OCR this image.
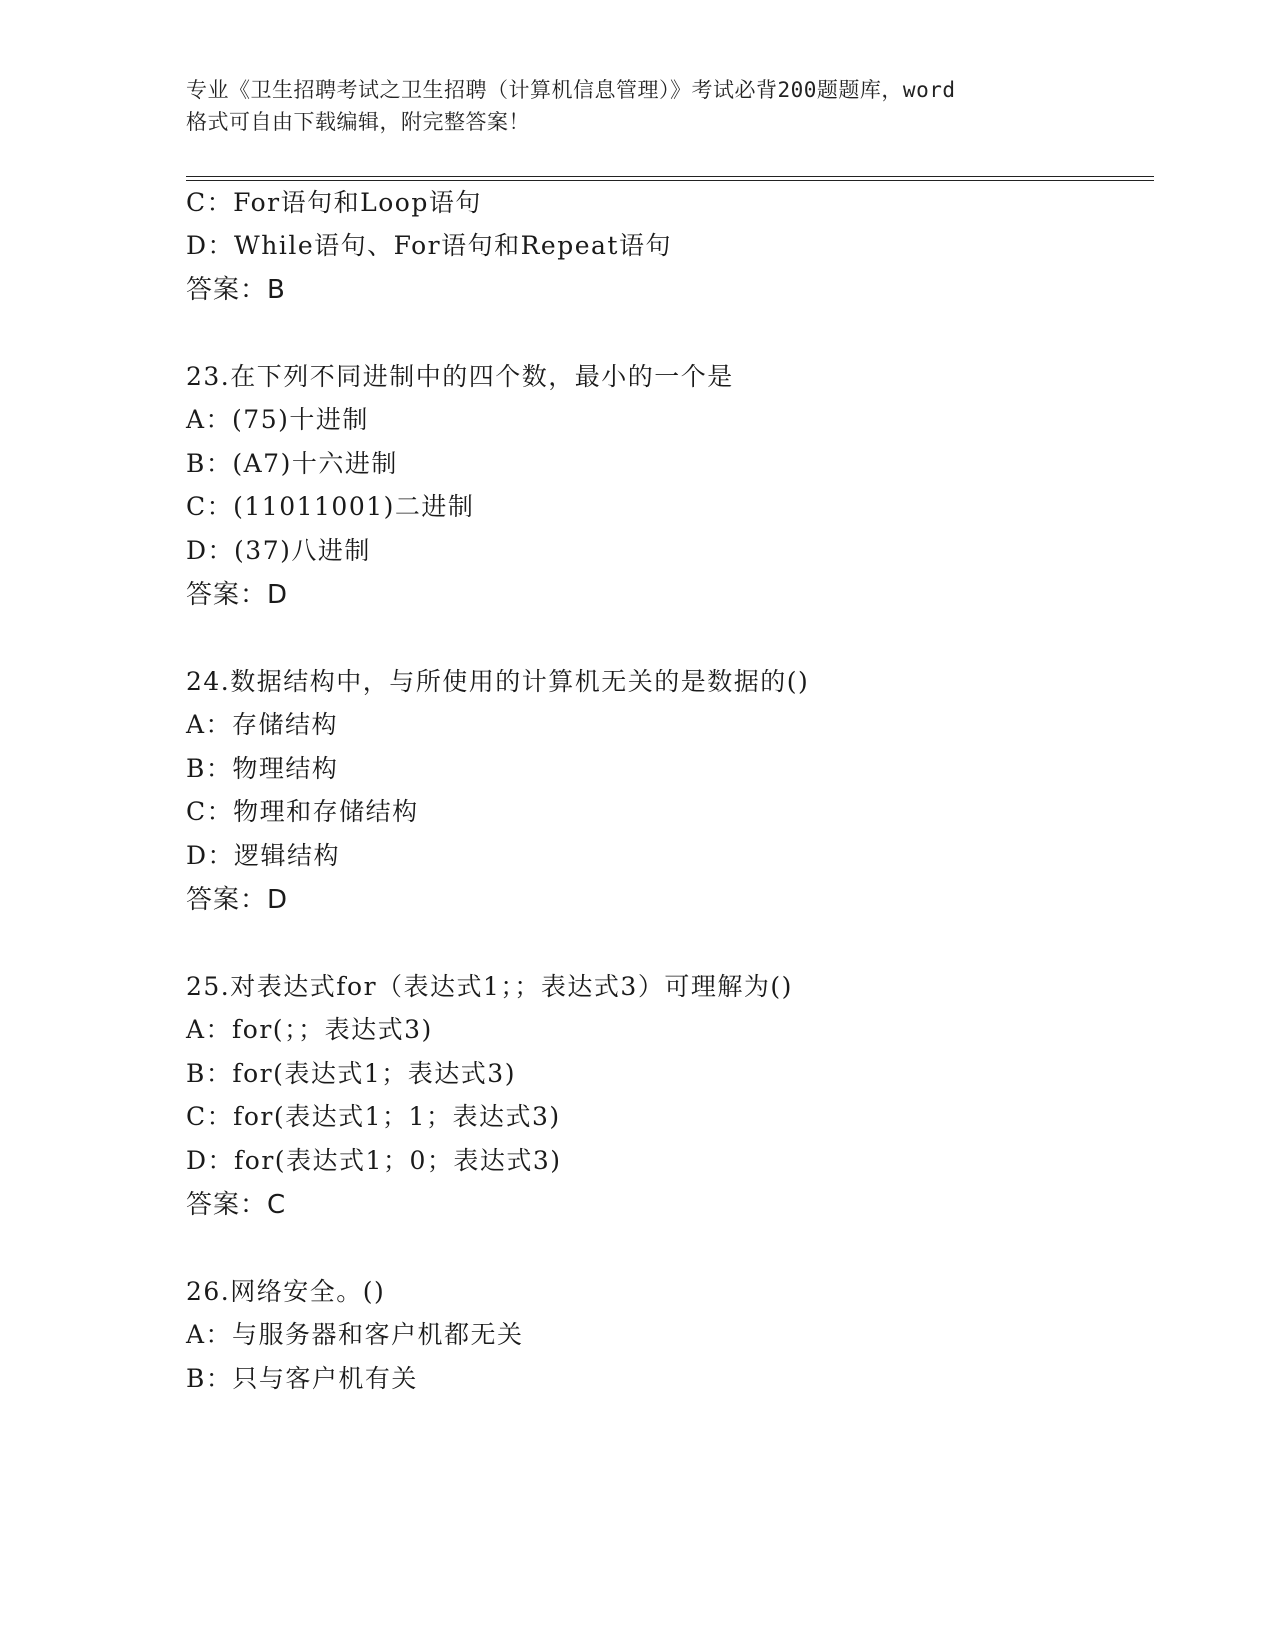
专业《卫生招聘考试之卫生招聘（计算机信息管理）》考试必背200题题库，word
格式可自由下载编辑，附完整答案！
C：For语句和Loop语句
D：While语句、For语句和Repeat语句
答案：B
23.在下列不同进制中的四个数，最小的一个是
A：(75)十进制
B：(A7)十六进制
C：(11011001)二进制
D：(37)八进制
答案：D
24.数据结构中，与所使用的计算机无关的是数据的()
A：存储结构
B：物理结构
C：物理和存储结构
D：逻辑结构
答案：D
25.对表达式for（表达式1；；表达式3）可理解为()
A：for(；；表达式3)
B：for(表达式1；表达式3)
C：for(表达式1；1；表达式3)
D：for(表达式1；0；表达式3)
答案：C
26.网络安全。()
A：与服务器和客户机都无关
B：只与客户机有关
